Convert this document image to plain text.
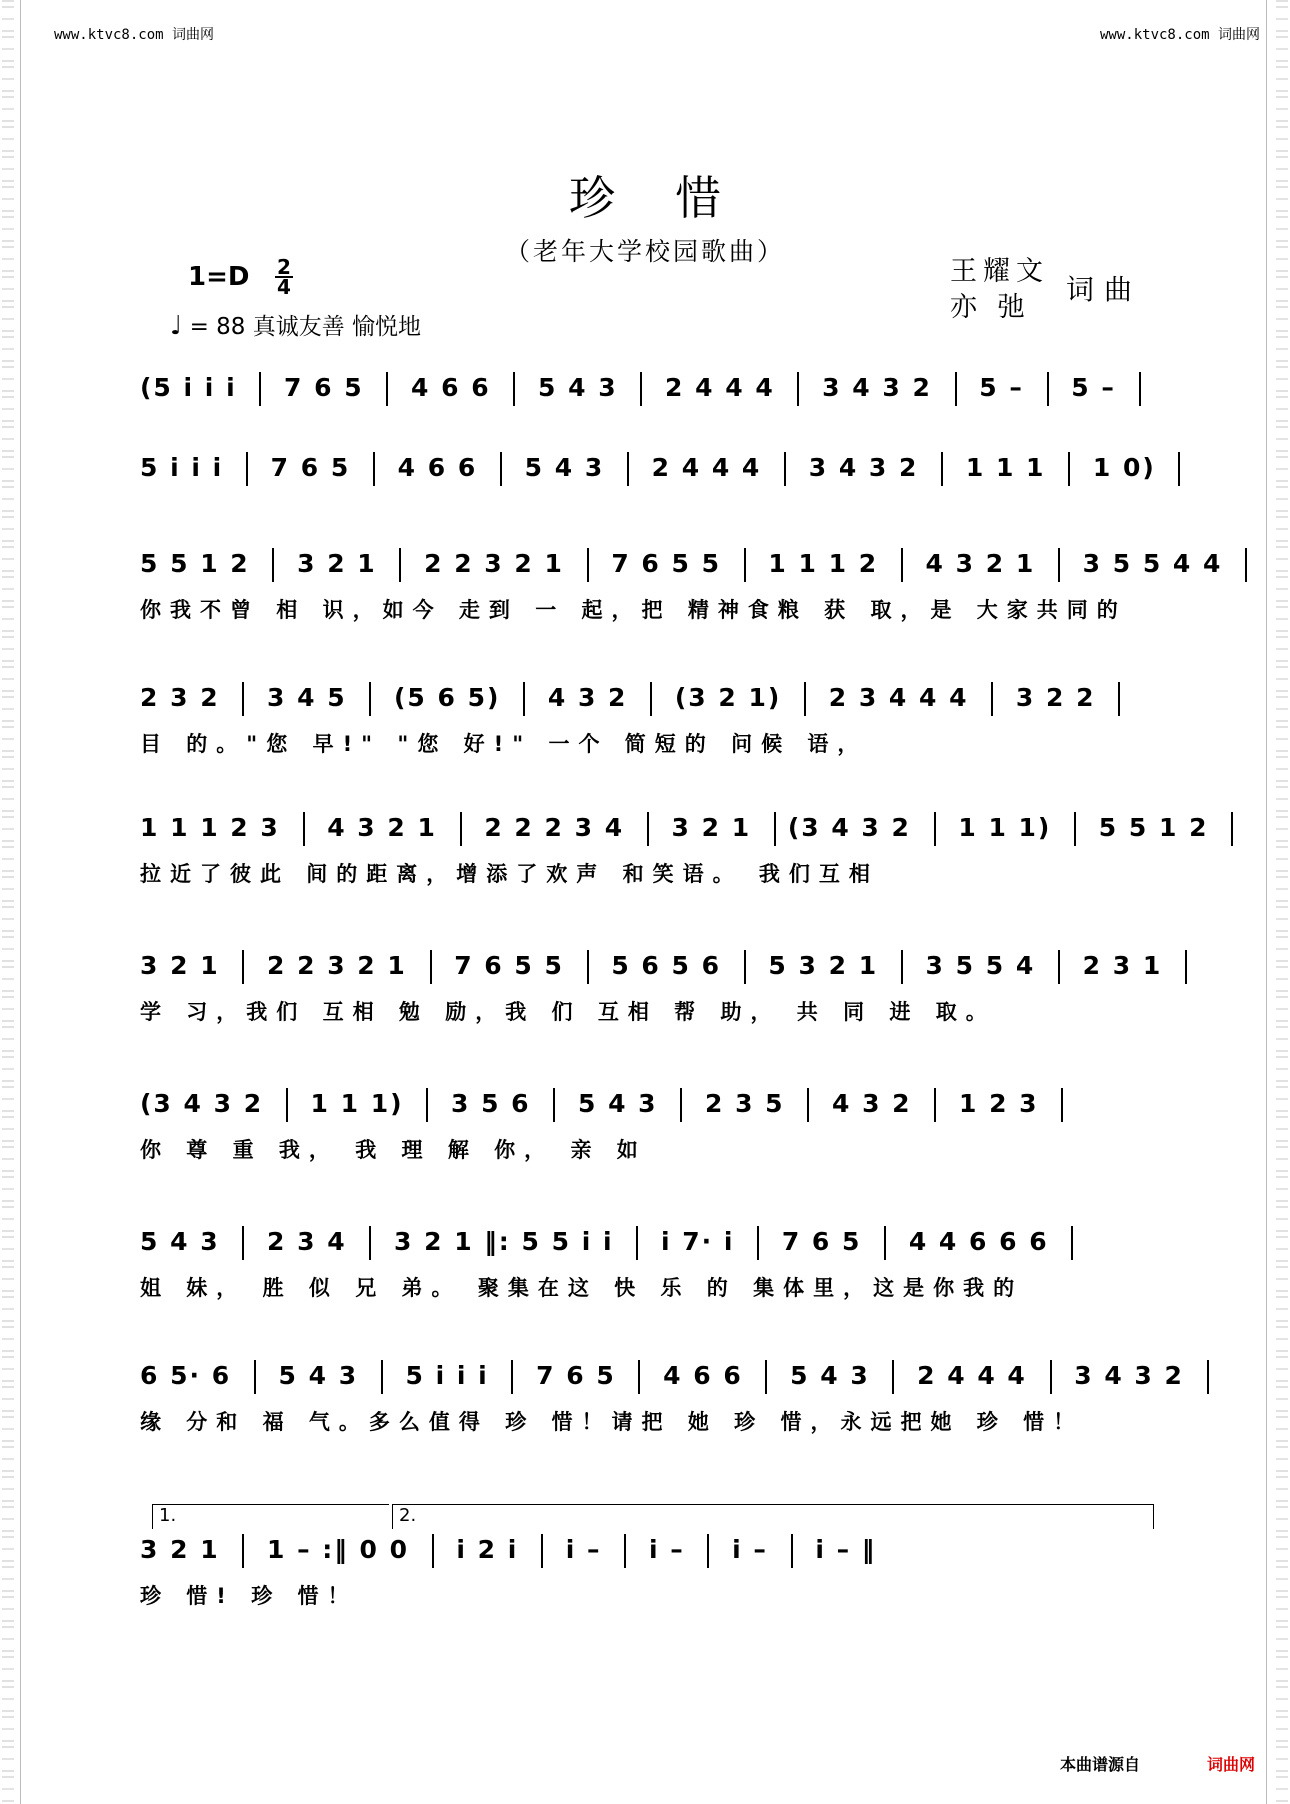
www.ktvc8.com 词曲网	www.ktvc8.com 词曲网
珍惜
（老年大学校园歌曲）
1=D	2
4
♩ = 88 真诚友善 愉悦地
王耀文
亦 弛
词曲
(5 i i i  7 6 5  4 6 6  5 4 3  2 4 4 4  3 4 3 2  5 –  5 –
5 i i i  7 6 5  4 6 6  5 4 3  2 4 4 4  3 4 3 2  1 1 1  1 0)
5 5 1 2  3 2 1  2 2 3 2 1  7 6 5 5  1 1 1 2  4 3 2 1  3 5 5 4 4
你我不曾 相 识，如今 走到 一 起，把 精神食粮 获 取，是 大家共同的
2 3 2  3 4 5  (5 6 5)  4 3 2  (3 2 1)  2 3 4 4 4  3 2 2
目 的。"您 早!" "您 好!" 一个 简短的 问候 语，
1 1 1 2 3  4 3 2 1  2 2 2 3 4  3 2 1 (3 4 3 2  1 1 1)  5 5 1 2
拉近了彼此 间的距离，增添了欢声 和笑语。 我们互相
3 2 1  2 2 3 2 1  7 6 5 5  5 6 5 6  5 3 2 1  3 5 5 4  2 3 1
学 习，我们 互相 勉 励，我 们 互相 帮 助， 共 同 进 取。
(3 4 3 2  1 1 1)  3 5 6  5 4 3  2 3 5  4 3 2  1 2 3
你 尊 重 我， 我 理 解 你， 亲 如
5 4 3  2 3 4  3 2 1 ‖: 5 5 i i  i 7· i  7 6 5  4 4 6 6 6
姐 妹， 胜 似 兄 弟。 聚集在这 快 乐 的 集体里，这是你我的
6 5· 6  5 4 3  5 i i i  7 6 5  4 6 6  5 4 3  2 4 4 4  3 4 3 2
缘 分和 福 气。多么值得 珍 惜！请把 她 珍 惜，永远把她 珍 惜！
3 2 1  1 – :‖ 0 0  i 2 i  i –  i –  i –  i – ‖
珍 惜! 珍 惜！
1.	2.
本曲谱源自	词曲网
